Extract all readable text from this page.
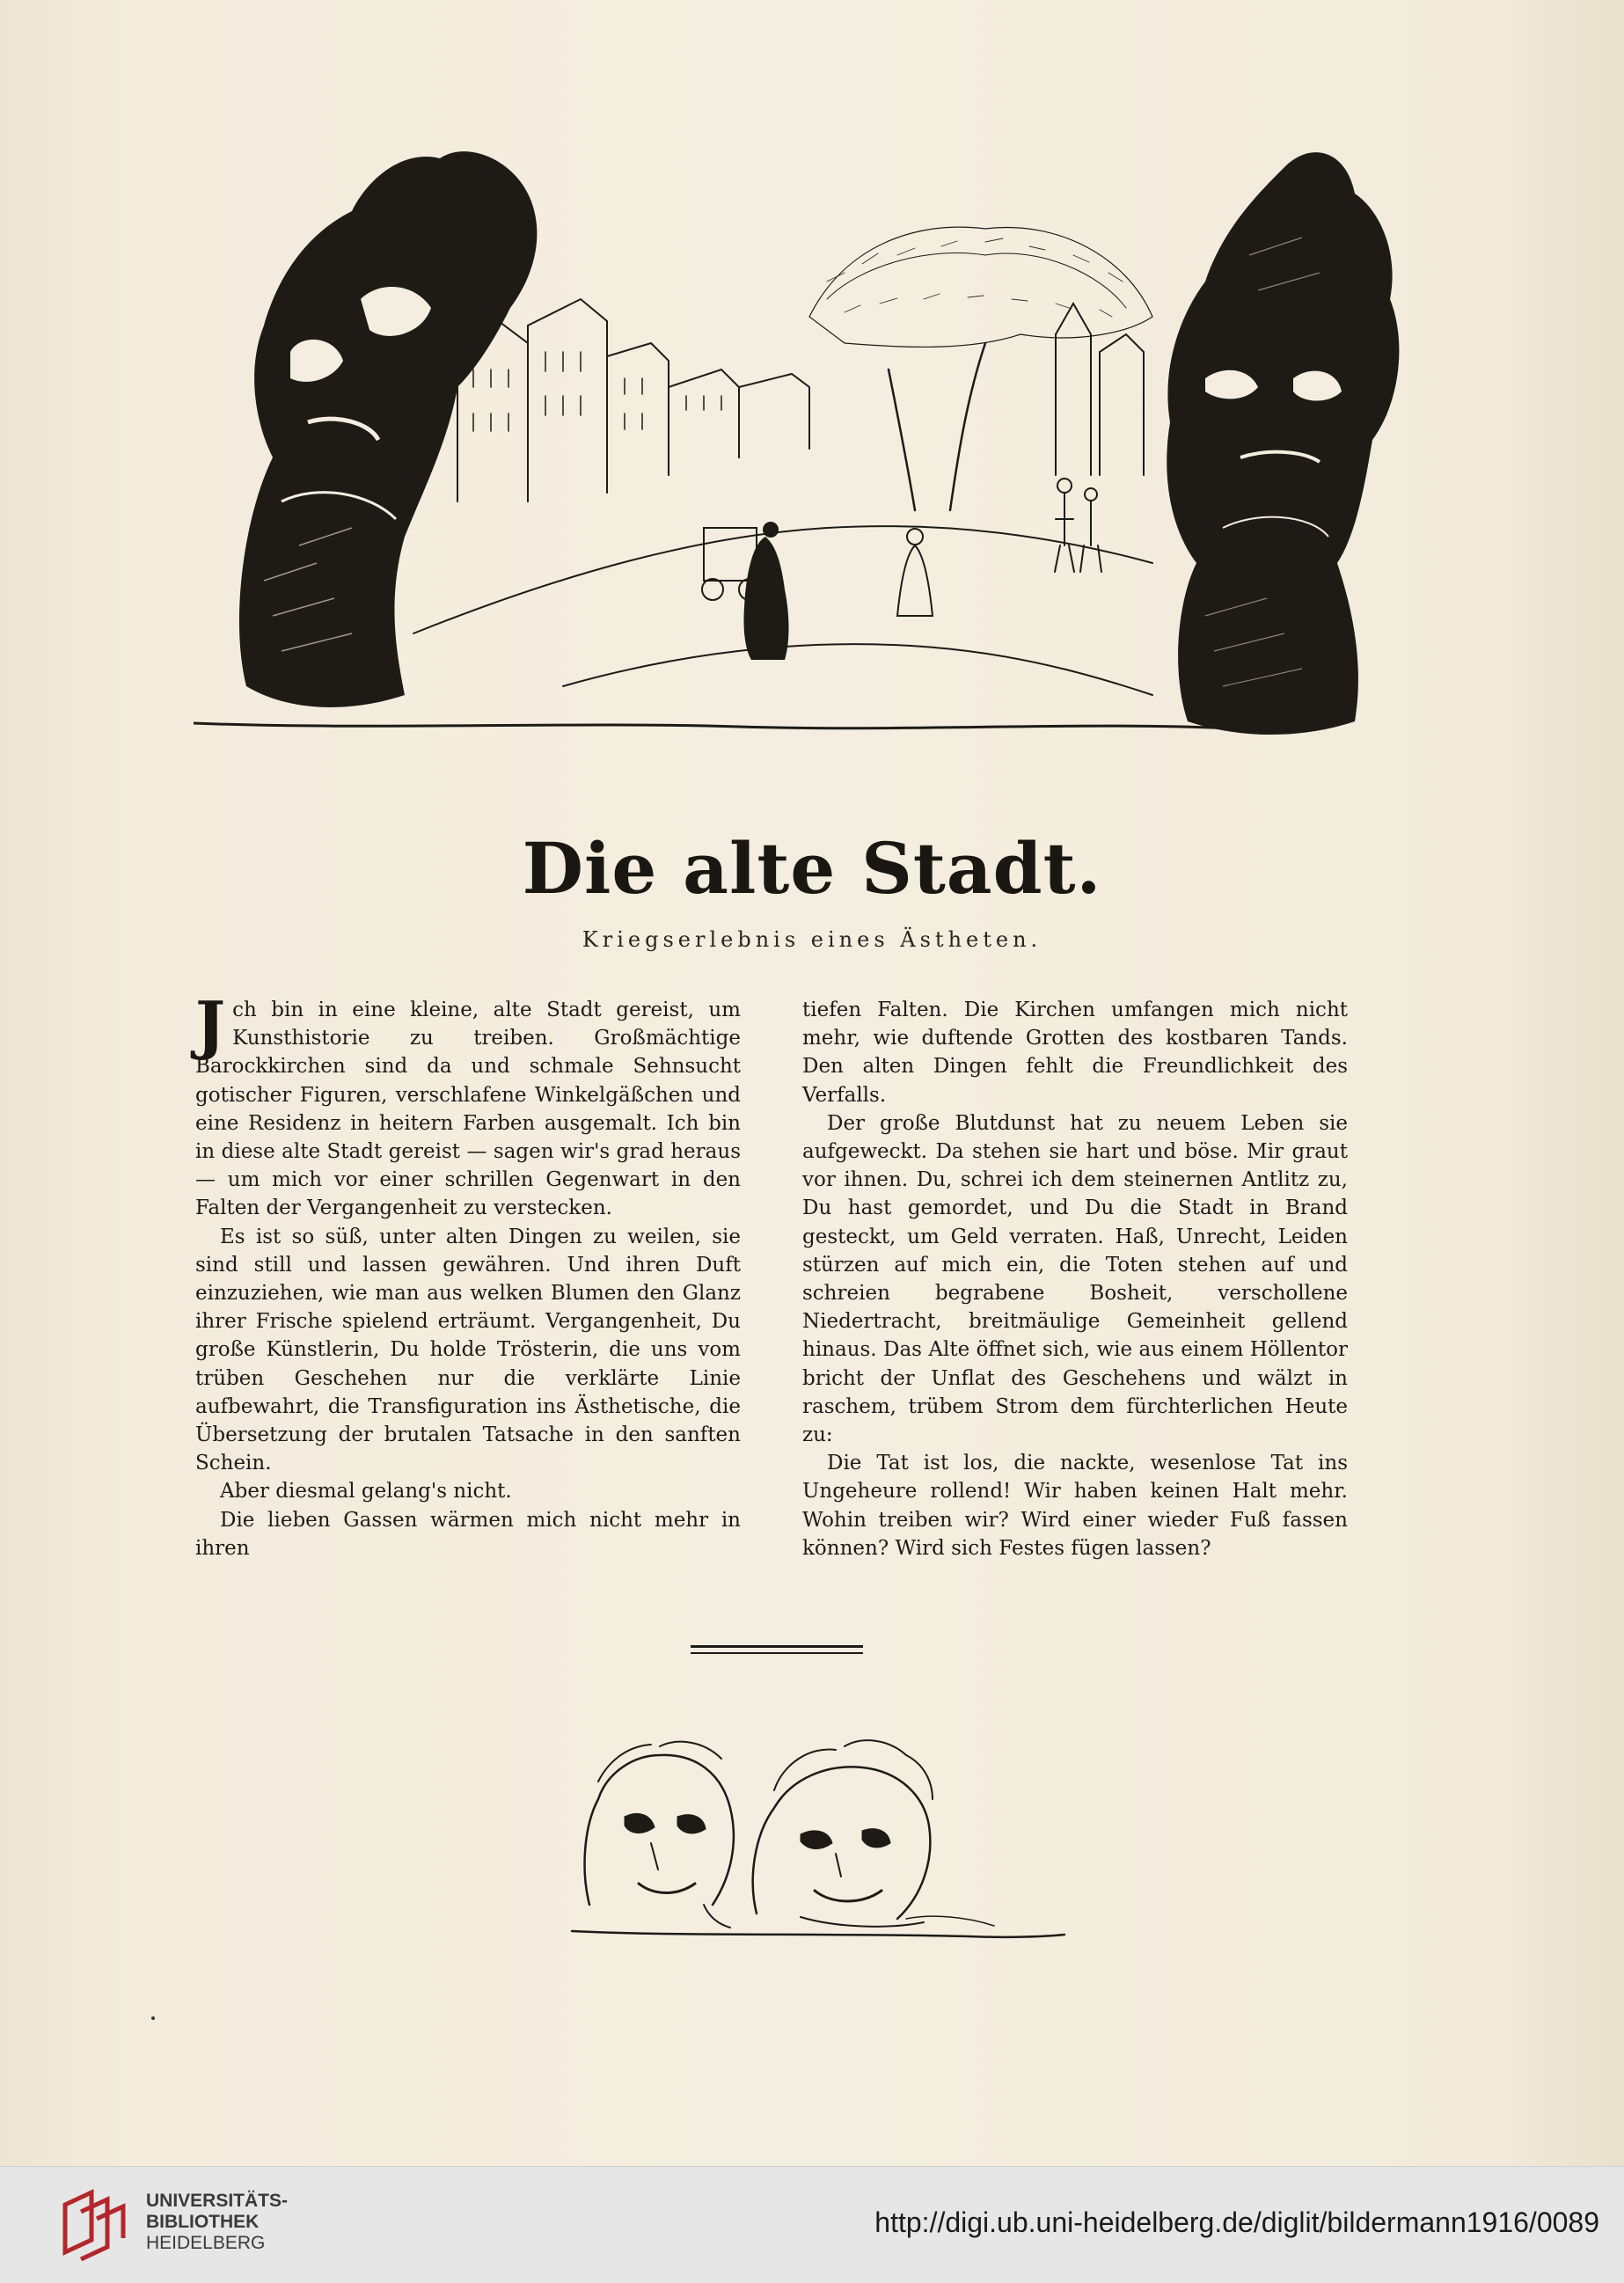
Die alte Stadt.

Kriegserlebnis eines Ästheten.

Jch bin in eine kleine, alte Stadt gereist, um Kunsthistorie zu treiben. Großmächtige Barockkirchen sind da und schmale Sehnsucht gotischer Figuren, verschlafene Winkelgäßchen und eine Residenz in heitern Farben ausgemalt. Ich bin in diese alte Stadt gereist — sagen wir's grad heraus — um mich vor einer schrillen Gegenwart in den Falten der Vergangenheit zu verstecken.

Es ist so süß, unter alten Dingen zu weilen, sie sind still und lassen gewähren. Und ihren Duft einzuziehen, wie man aus welken Blumen den Glanz ihrer Frische spielend erträumt. Vergangenheit, Du große Künstlerin, Du holde Trösterin, die uns vom trüben Geschehen nur die verklärte Linie aufbewahrt, die Transfiguration ins Ästhetische, die Übersetzung der brutalen Tatsache in den sanften Schein.

Aber diesmal gelang's nicht.

Die lieben Gassen wärmen mich nicht mehr in ihren

tiefen Falten. Die Kirchen umfangen mich nicht mehr, wie duftende Grotten des kostbaren Tands. Den alten Dingen fehlt die Freundlichkeit des Verfalls.

Der große Blutdunst hat zu neuem Leben sie aufgeweckt. Da stehen sie hart und böse. Mir graut vor ihnen. Du, schrei ich dem steinernen Antlitz zu, Du hast gemordet, und Du die Stadt in Brand gesteckt, um Geld verraten. Haß, Unrecht, Leiden stürzen auf mich ein, die Toten stehen auf und schreien begrabene Bosheit, verschollene Niedertracht, breitmäulige Gemeinheit gellend hinaus. Das Alte öffnet sich, wie aus einem Höllentor bricht der Unflat des Geschehens und wälzt in raschem, trübem Strom dem fürchterlichen Heute zu:

Die Tat ist los, die nackte, wesenlose Tat ins Ungeheure rollend! Wir haben keinen Halt mehr. Wohin treiben wir? Wird einer wieder Fuß fassen können? Wird sich Festes fügen lassen?

UNIVERSITÄTS-
BIBLIOTHEK
HEIDELBERG
http://digi.ub.uni-heidelberg.de/diglit/bildermann1916/0089
